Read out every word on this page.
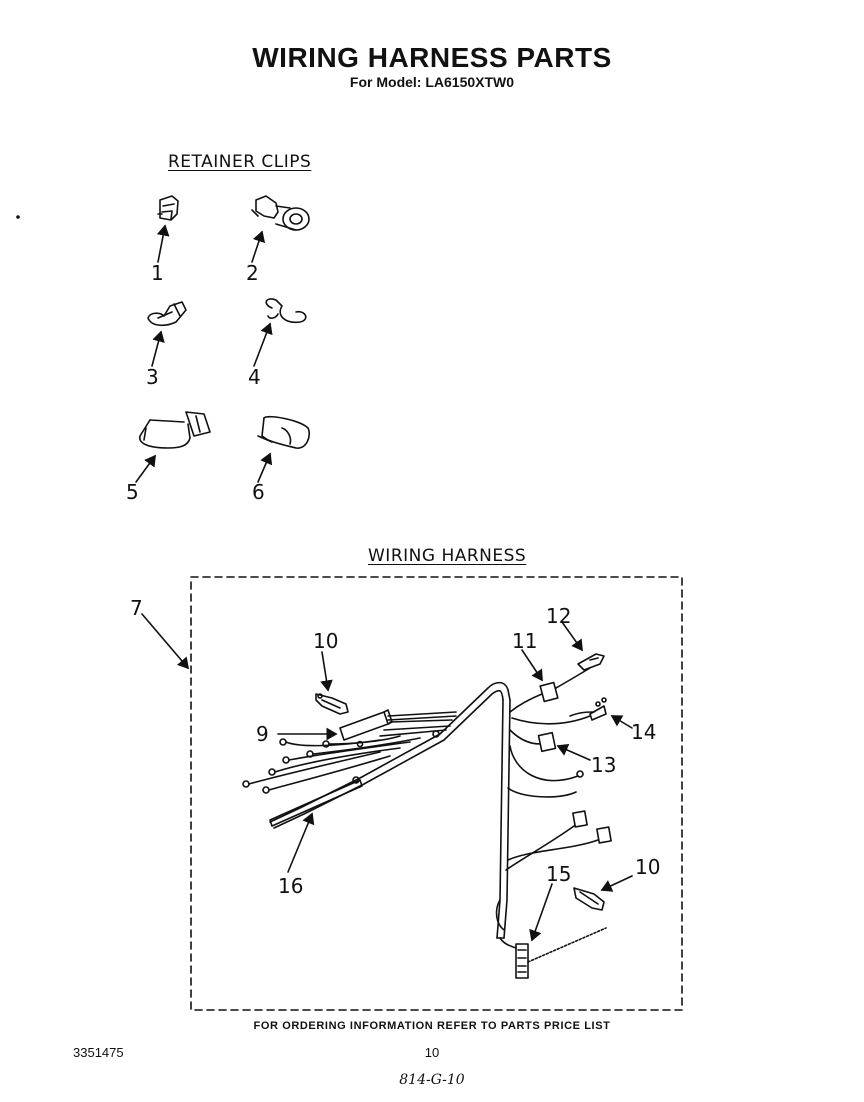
WIRING HARNESS PARTS
For Model: LA6150XTW0
RETAINER CLIPS
WIRING HARNESS
1	2
3	4
5	6
7
10	11
12
9	14
13
10
15
16
FOR ORDERING INFORMATION REFER TO PARTS PRICE LIST
3351475	10
814-G-10
